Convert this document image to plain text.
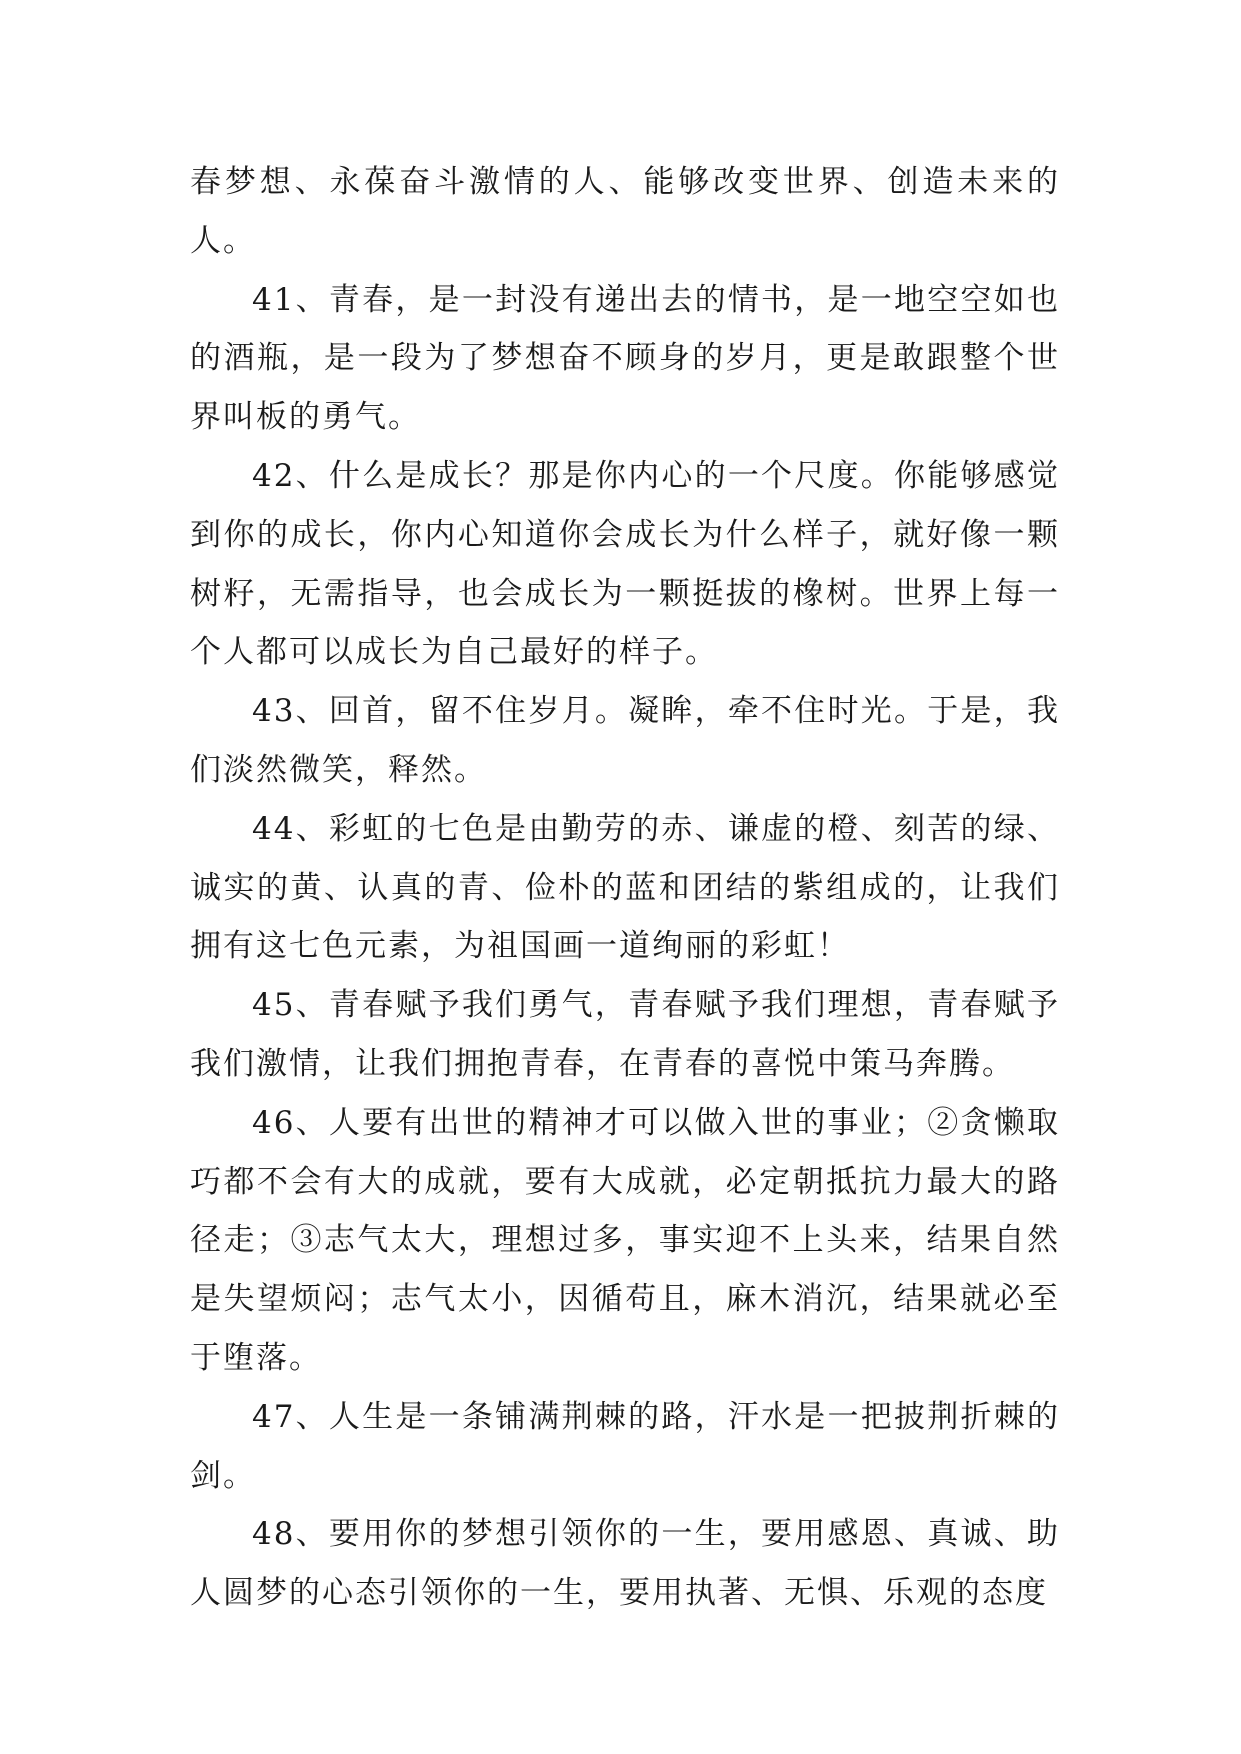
春梦想、永葆奋斗激情的人、能够改变世界、创造未来的人。

41、青春，是一封没有递出去的情书，是一地空空如也的酒瓶，是一段为了梦想奋不顾身的岁月，更是敢跟整个世界叫板的勇气。

42、什么是成长？那是你内心的一个尺度。你能够感觉到你的成长，你内心知道你会成长为什么样子，就好像一颗树籽，无需指导，也会成长为一颗挺拔的橡树。世界上每一个人都可以成长为自己最好的样子。

43、回首，留不住岁月。凝眸，牵不住时光。于是，我们淡然微笑，释然。

44、彩虹的七色是由勤劳的赤、谦虚的橙、刻苦的绿、诚实的黄、认真的青、俭朴的蓝和团结的紫组成的，让我们拥有这七色元素，为祖国画一道绚丽的彩虹！

45、青春赋予我们勇气，青春赋予我们理想，青春赋予我们激情，让我们拥抱青春，在青春的喜悦中策马奔腾。

46、人要有出世的精神才可以做入世的事业；②贪懒取巧都不会有大的成就，要有大成就，必定朝抵抗力最大的路径走；③志气太大，理想过多，事实迎不上头来，结果自然是失望烦闷；志气太小，因循苟且，麻木消沉，结果就必至于堕落。

47、人生是一条铺满荆棘的路，汗水是一把披荆折棘的剑。

48、要用你的梦想引领你的一生，要用感恩、真诚、助人圆梦的心态引领你的一生，要用执著、无惧、乐观的态度
